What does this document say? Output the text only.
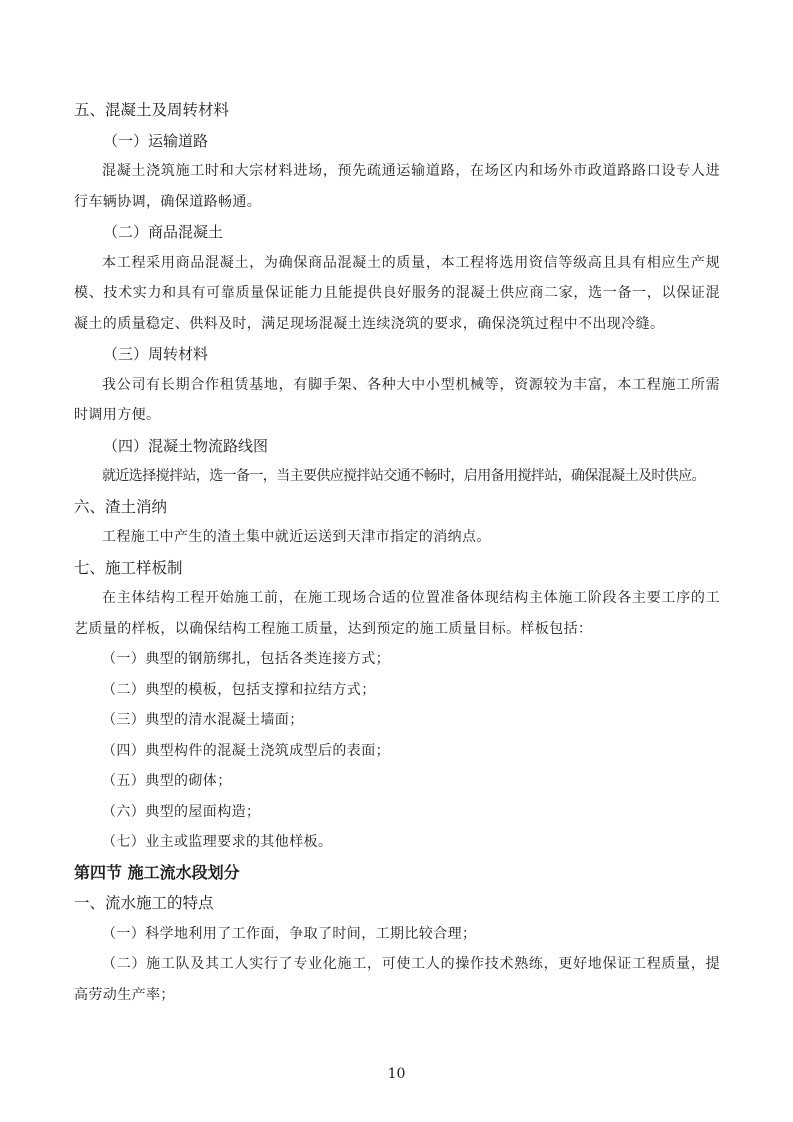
五、混凝土及周转材料
（一）运输道路
混凝土浇筑施工时和大宗材料进场，预先疏通运输道路，在场区内和场外市政道路路口设专人进行车辆协调，确保道路畅通。
（二）商品混凝土
本工程采用商品混凝土，为确保商品混凝土的质量，本工程将选用资信等级高且具有相应生产规模、技术实力和具有可靠质量保证能力且能提供良好服务的混凝土供应商二家，选一备一，以保证混凝土的质量稳定、供料及时，满足现场混凝土连续浇筑的要求，确保浇筑过程中不出现冷缝。
（三）周转材料
我公司有长期合作租赁基地，有脚手架、各种大中小型机械等，资源较为丰富，本工程施工所需时调用方便。
（四）混凝土物流路线图
就近选择搅拌站，选一备一，当主要供应搅拌站交通不畅时，启用备用搅拌站，确保混凝土及时供应。
六、渣土消纳
工程施工中产生的渣土集中就近运送到天津市指定的消纳点。
七、施工样板制
在主体结构工程开始施工前，在施工现场合适的位置准备体现结构主体施工阶段各主要工序的工艺质量的样板，以确保结构工程施工质量，达到预定的施工质量目标。样板包括：
（一）典型的钢筋绑扎，包括各类连接方式；
（二）典型的模板，包括支撑和拉结方式；
（三）典型的清水混凝土墙面；
（四）典型构件的混凝土浇筑成型后的表面；
（五）典型的砌体；
（六）典型的屋面构造；
（七）业主或监理要求的其他样板。
第四节 施工流水段划分
一、流水施工的特点
（一）科学地利用了工作面，争取了时间，工期比较合理；
（二）施工队及其工人实行了专业化施工，可使工人的操作技术熟练，更好地保证工程质量，提高劳动生产率；
10
